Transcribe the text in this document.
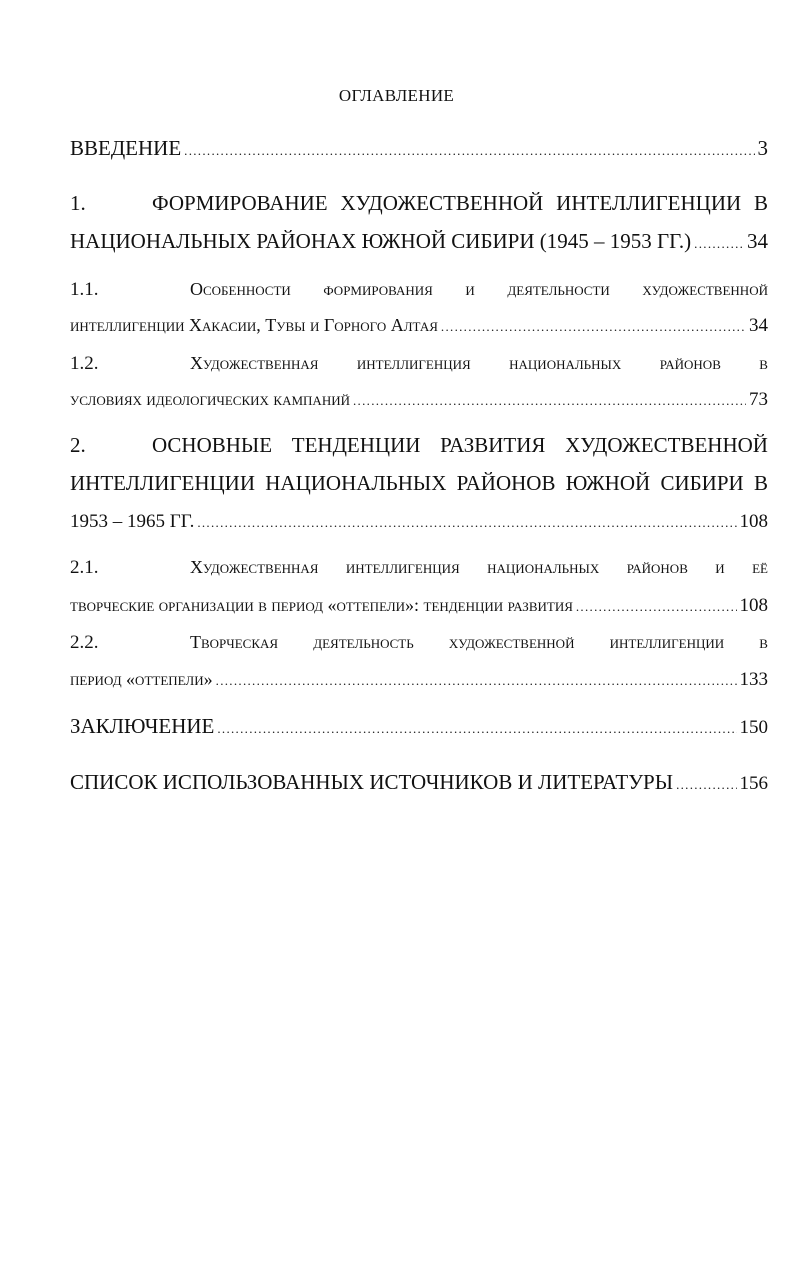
ОГЛАВЛЕНИЕ
ВВЕДЕНИЕ .....	3
1.	ФОРМИРОВАНИЕ ХУДОЖЕСТВЕННОЙ ИНТЕЛЛИГЕНЦИИ В
НАЦИОНАЛЬНЫХ РАЙОНАХ ЮЖНОЙ СИБИРИ (1945 – 1953 ГГ.) .....	34
1.1.	Особенности формирования и деятельности художественной
интеллигенции Хакасии, Тувы и Горного Алтая .....	34
1.2.	Художественная интеллигенция национальных районов в
условиях идеологических кампаний .....	73
2.	ОСНОВНЫЕ ТЕНДЕНЦИИ РАЗВИТИЯ ХУДОЖЕСТВЕННОЙ
ИНТЕЛЛИГЕНЦИИ НАЦИОНАЛЬНЫХ РАЙОНОВ ЮЖНОЙ СИБИРИ В
1953 – 1965 ГГ. .....	108
2.1.	Художественная интеллигенция национальных районов и её
творческие организации в период «оттепели»: тенденции развития .....	108
2.2.	Творческая деятельность художественной интеллигенции в
период «оттепели» .....	133
ЗАКЛЮЧЕНИЕ .....	150
СПИСОК ИСПОЛЬЗОВАННЫХ ИСТОЧНИКОВ И ЛИТЕРАТУРЫ .....	156
